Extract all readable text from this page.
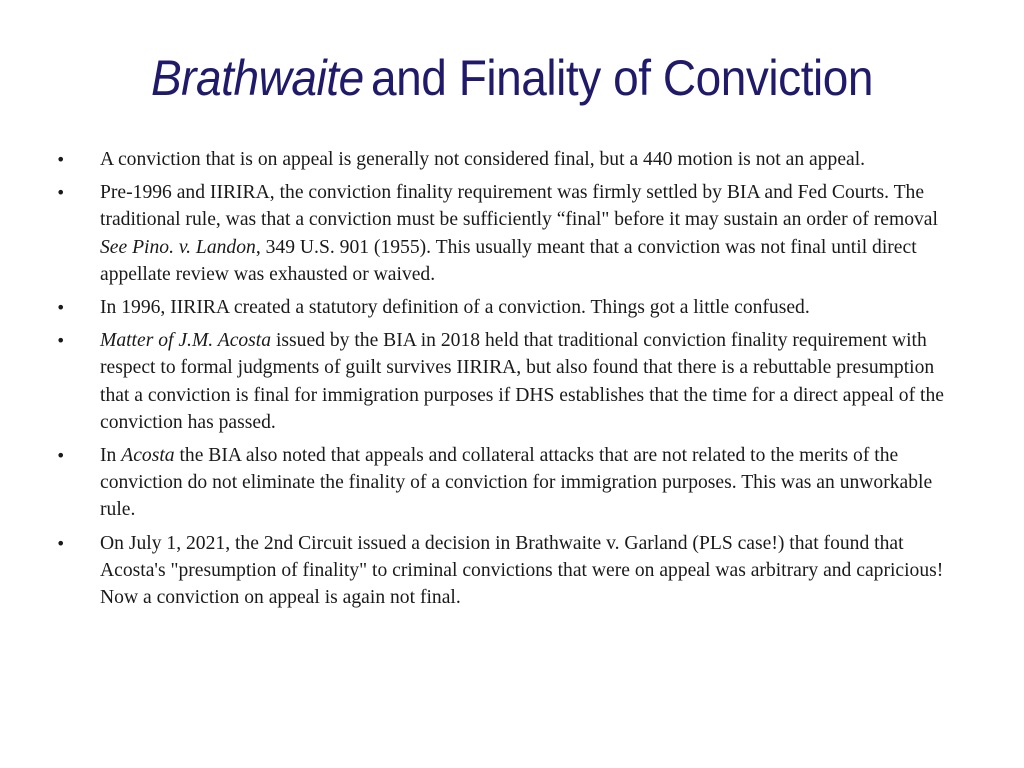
Brathwaite and Finality of Conviction
•	A conviction that is on appeal is generally not considered final, but a 440 motion is not an appeal.
•	Pre-1996 and IIRIRA, the conviction finality requirement was firmly settled by BIA and Fed Courts. The traditional rule, was that a conviction must be sufficiently “final" before it may sustain an order of removal See Pino. v. Landon, 349 U.S. 901 (1955). This usually meant that a conviction was not final until direct appellate review was exhausted or waived.
•	In 1996, IIRIRA created a statutory definition of a conviction. Things got a little confused.
•	Matter of J.M. Acosta issued by the BIA in 2018 held that traditional conviction finality requirement with respect to formal judgments of guilt survives IIRIRA, but also found that there is a rebuttable presumption that a conviction is final for immigration purposes if DHS establishes that the time for a direct appeal of the conviction has passed.
•	In Acosta the BIA also noted that appeals and collateral attacks that are not related to the merits of the conviction do not eliminate the finality of a conviction for immigration purposes. This was an unworkable rule.
•	On July 1, 2021, the 2nd Circuit issued a decision in Brathwaite v. Garland (PLS case!) that found that Acosta's "presumption of finality" to criminal convictions that were on appeal was arbitrary and capricious! Now a conviction on appeal is again not final.
